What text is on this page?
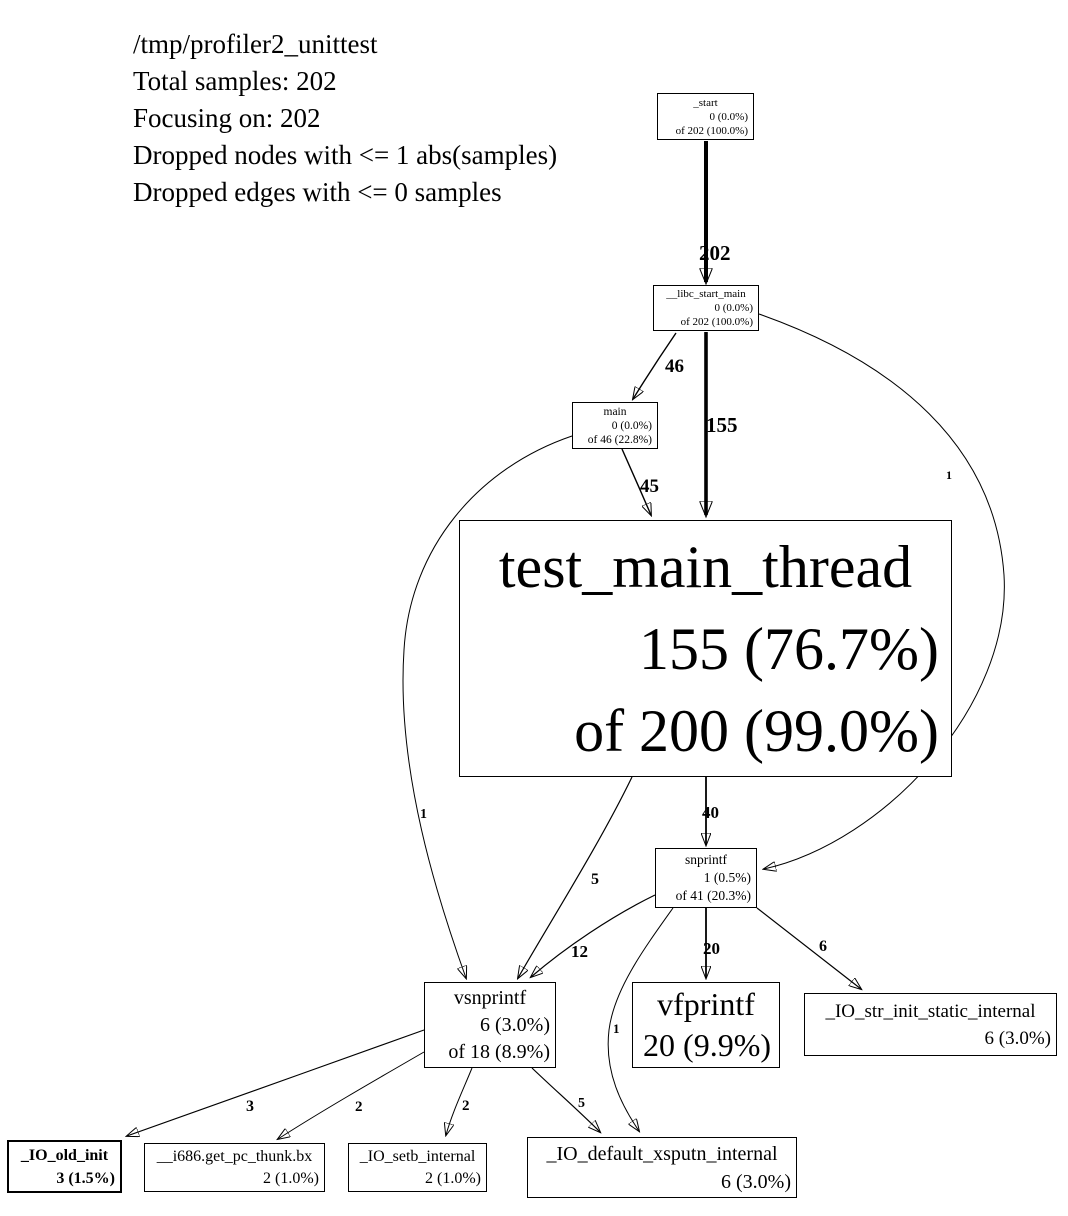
/tmp/profiler2_unittest
Total samples: 202
Focusing on: 202
Dropped nodes with <= 1 abs(samples)
Dropped edges with <= 0 samples
202
46
155
1
45
1	40
5
12	20	6
1
3	2	2	5
_start
0 (0.0%)
of 202 (100.0%)
__libc_start_main
0 (0.0%)
of 202 (100.0%)
main
0 (0.0%)
of 46 (22.8%)
test_main_thread
155 (76.7%)
of 200 (99.0%)
snprintf
1 (0.5%)
of 41 (20.3%)
vsnprintf
6 (3.0%)
of 18 (8.9%)
vfprintf
20 (9.9%)
_IO_str_init_static_internal
6 (3.0%)
_IO_old_init
3 (1.5%)
__i686.get_pc_thunk.bx
2 (1.0%)
_IO_setb_internal
2 (1.0%)
_IO_default_xsputn_internal
6 (3.0%)
